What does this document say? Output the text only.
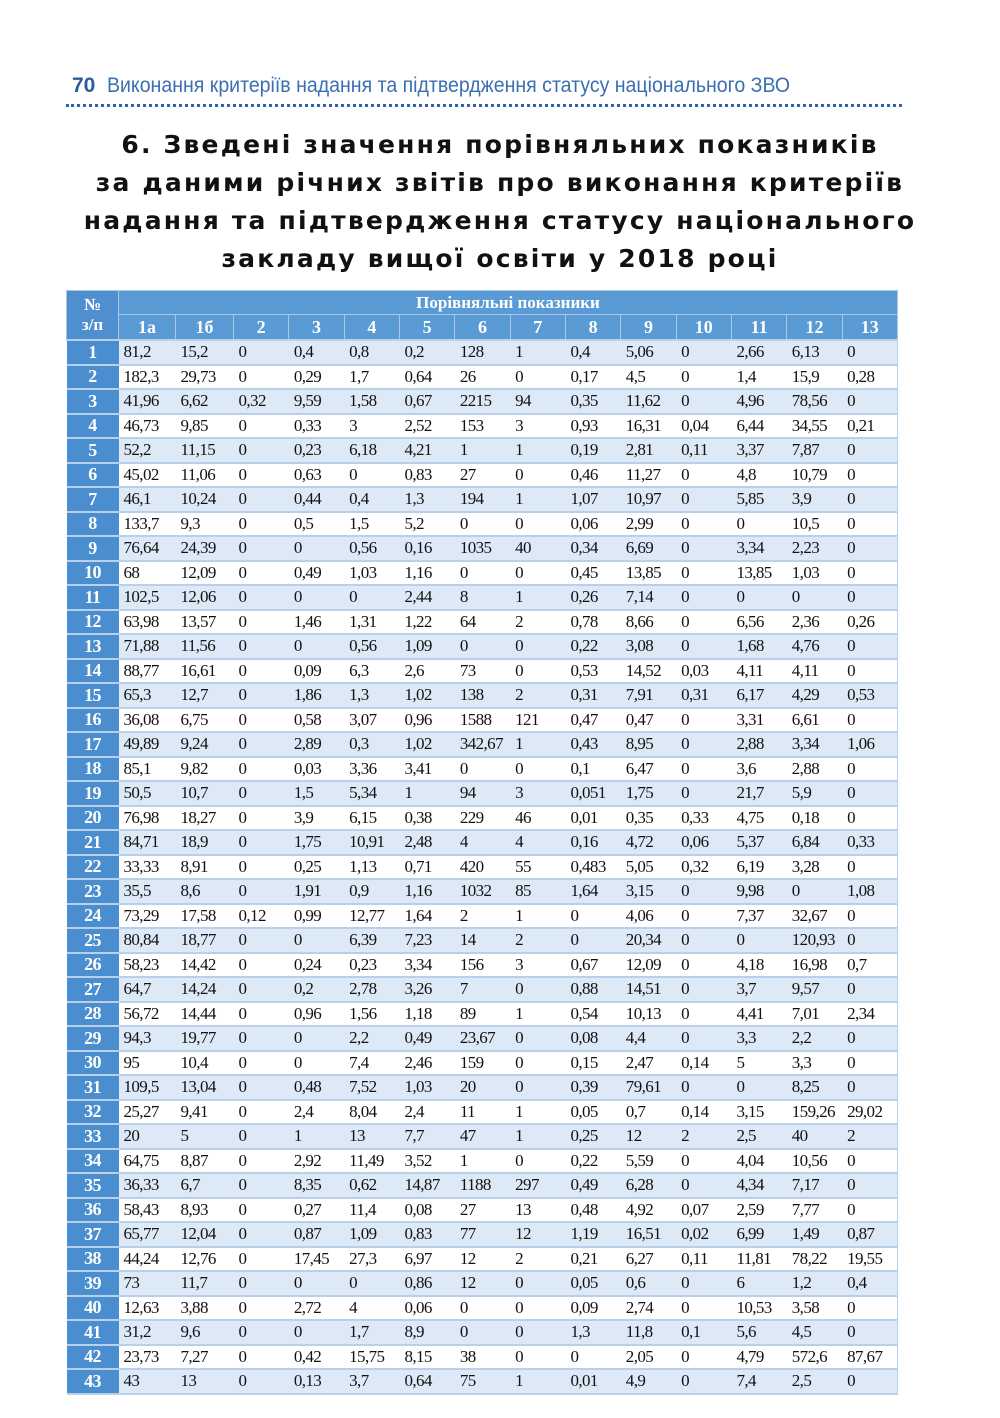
70 Виконання критеріїв надання та підтвердження статусу національного ЗВО
6. Зведені значення порівняльних показників
за даними річних звітів про виконання критеріїв
надання та підтвердження статусу національного
закладу вищої освіти у 2018 році
№
з/п	Порівняльні показники													
	1а	1б	2	3	4	5	6	7	8	9	10	11	12	13
1	81,2	15,2	0	0,4	0,8	0,2	128	1	0,4	5,06	0	2,66	6,13	0
2	182,3	29,73	0	0,29	1,7	0,64	26	0	0,17	4,5	0	1,4	15,9	0,28
3	41,96	6,62	0,32	9,59	1,58	0,67	2215	94	0,35	11,62	0	4,96	78,56	0
4	46,73	9,85	0	0,33	3	2,52	153	3	0,93	16,31	0,04	6,44	34,55	0,21
5	52,2	11,15	0	0,23	6,18	4,21	1	1	0,19	2,81	0,11	3,37	7,87	0
6	45,02	11,06	0	0,63	0	0,83	27	0	0,46	11,27	0	4,8	10,79	0
7	46,1	10,24	0	0,44	0,4	1,3	194	1	1,07	10,97	0	5,85	3,9	0
8	133,7	9,3	0	0,5	1,5	5,2	0	0	0,06	2,99	0	0	10,5	0
9	76,64	24,39	0	0	0,56	0,16	1035	40	0,34	6,69	0	3,34	2,23	0
10	68	12,09	0	0,49	1,03	1,16	0	0	0,45	13,85	0	13,85	1,03	0
11	102,5	12,06	0	0	0	2,44	8	1	0,26	7,14	0	0	0	0
12	63,98	13,57	0	1,46	1,31	1,22	64	2	0,78	8,66	0	6,56	2,36	0,26
13	71,88	11,56	0	0	0,56	1,09	0	0	0,22	3,08	0	1,68	4,76	0
14	88,77	16,61	0	0,09	6,3	2,6	73	0	0,53	14,52	0,03	4,11	4,11	0
15	65,3	12,7	0	1,86	1,3	1,02	138	2	0,31	7,91	0,31	6,17	4,29	0,53
16	36,08	6,75	0	0,58	3,07	0,96	1588	121	0,47	0,47	0	3,31	6,61	0
17	49,89	9,24	0	2,89	0,3	1,02	342,67	1	0,43	8,95	0	2,88	3,34	1,06
18	85,1	9,82	0	0,03	3,36	3,41	0	0	0,1	6,47	0	3,6	2,88	0
19	50,5	10,7	0	1,5	5,34	1	94	3	0,051	1,75	0	21,7	5,9	0
20	76,98	18,27	0	3,9	6,15	0,38	229	46	0,01	0,35	0,33	4,75	0,18	0
21	84,71	18,9	0	1,75	10,91	2,48	4	4	0,16	4,72	0,06	5,37	6,84	0,33
22	33,33	8,91	0	0,25	1,13	0,71	420	55	0,483	5,05	0,32	6,19	3,28	0
23	35,5	8,6	0	1,91	0,9	1,16	1032	85	1,64	3,15	0	9,98	0	1,08
24	73,29	17,58	0,12	0,99	12,77	1,64	2	1	0	4,06	0	7,37	32,67	0
25	80,84	18,77	0	0	6,39	7,23	14	2	0	20,34	0	0	120,93	0
26	58,23	14,42	0	0,24	0,23	3,34	156	3	0,67	12,09	0	4,18	16,98	0,7
27	64,7	14,24	0	0,2	2,78	3,26	7	0	0,88	14,51	0	3,7	9,57	0
28	56,72	14,44	0	0,96	1,56	1,18	89	1	0,54	10,13	0	4,41	7,01	2,34
29	94,3	19,77	0	0	2,2	0,49	23,67	0	0,08	4,4	0	3,3	2,2	0
30	95	10,4	0	0	7,4	2,46	159	0	0,15	2,47	0,14	5	3,3	0
31	109,5	13,04	0	0,48	7,52	1,03	20	0	0,39	79,61	0	0	8,25	0
32	25,27	9,41	0	2,4	8,04	2,4	11	1	0,05	0,7	0,14	3,15	159,26	29,02
33	20	5	0	1	13	7,7	47	1	0,25	12	2	2,5	40	2
34	64,75	8,87	0	2,92	11,49	3,52	1	0	0,22	5,59	0	4,04	10,56	0
35	36,33	6,7	0	8,35	0,62	14,87	1188	297	0,49	6,28	0	4,34	7,17	0
36	58,43	8,93	0	0,27	11,4	0,08	27	13	0,48	4,92	0,07	2,59	7,77	0
37	65,77	12,04	0	0,87	1,09	0,83	77	12	1,19	16,51	0,02	6,99	1,49	0,87
38	44,24	12,76	0	17,45	27,3	6,97	12	2	0,21	6,27	0,11	11,81	78,22	19,55
39	73	11,7	0	0	0	0,86	12	0	0,05	0,6	0	6	1,2	0,4
40	12,63	3,88	0	2,72	4	0,06	0	0	0,09	2,74	0	10,53	3,58	0
41	31,2	9,6	0	0	1,7	8,9	0	0	1,3	11,8	0,1	5,6	4,5	0
42	23,73	7,27	0	0,42	15,75	8,15	38	0	0	2,05	0	4,79	572,6	87,67
43	43	13	0	0,13	3,7	0,64	75	1	0,01	4,9	0	7,4	2,5	0
